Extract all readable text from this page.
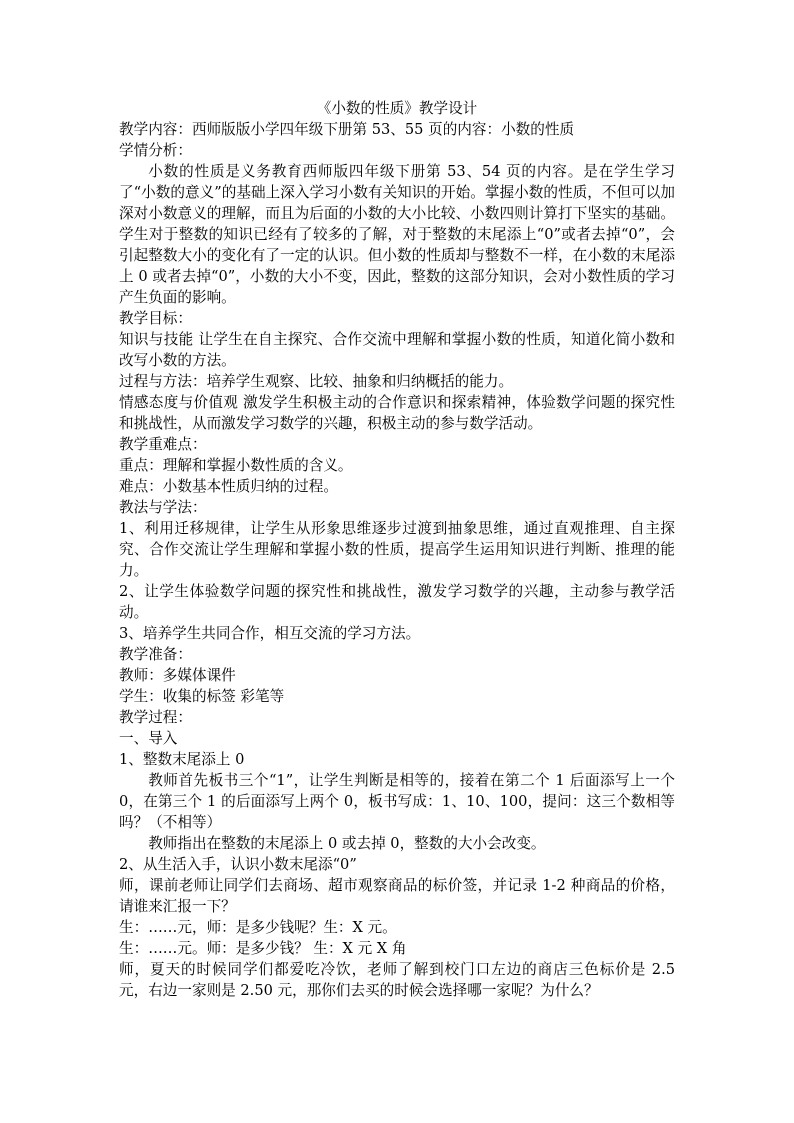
《小数的性质》教学设计

教学内容：西师版版小学四年级下册第 53、55 页的内容：小数的性质

学情分析：

小数的性质是义务教育西师版四年级下册第 53、54 页的内容。是在学生学习了“小数的意义”的基础上深入学习小数有关知识的开始。掌握小数的性质，不但可以加深对小数意义的理解，而且为后面的小数的大小比较、小数四则计算打下坚实的基础。学生对于整数的知识已经有了较多的了解，对于整数的末尾添上“0”或者去掉“0”，会引起整数大小的变化有了一定的认识。但小数的性质却与整数不一样，在小数的末尾添上 0 或者去掉“0”，小数的大小不变，因此，整数的这部分知识，会对小数性质的学习产生负面的影响。

教学目标：

知识与技能 让学生在自主探究、合作交流中理解和掌握小数的性质，知道化简小数和改写小数的方法。

过程与方法：培养学生观察、比较、抽象和归纳概括的能力。

情感态度与价值观 激发学生积极主动的合作意识和探索精神，体验数学问题的探究性和挑战性，从而激发学习数学的兴趣，积极主动的参与数学活动。

教学重难点：

重点：理解和掌握小数性质的含义。

难点：小数基本性质归纳的过程。

教法与学法：

1、利用迁移规律，让学生从形象思维逐步过渡到抽象思维，通过直观推理、自主探究、合作交流让学生理解和掌握小数的性质，提高学生运用知识进行判断、推理的能力。

2、让学生体验数学问题的探究性和挑战性，激发学习数学的兴趣，主动参与教学活动。

3、培养学生共同合作，相互交流的学习方法。

教学准备：

教师：多媒体课件

学生：收集的标签 彩笔等

教学过程：

一、导入

1、整数末尾添上 0

教师首先板书三个“1”，让学生判断是相等的，接着在第二个 1 后面添写上一个 0，在第三个 1 的后面添写上两个 0，板书写成：1、10、100，提问：这三个数相等吗？（不相等）

教师指出在整数的末尾添上 0 或去掉 0，整数的大小会改变。

2、从生活入手，认识小数末尾添“0”

师，课前老师让同学们去商场、超市观察商品的标价签，并记录 1-2 种商品的价格，请谁来汇报一下？

生：……元，师：是多少钱呢？生：X 元。

生：……元。师：是多少钱？ 生：X 元 X 角

师，夏天的时候同学们都爱吃冷饮，老师了解到校门口左边的商店三色标价是 2.5 元，右边一家则是 2.50 元，那你们去买的时候会选择哪一家呢？为什么？
